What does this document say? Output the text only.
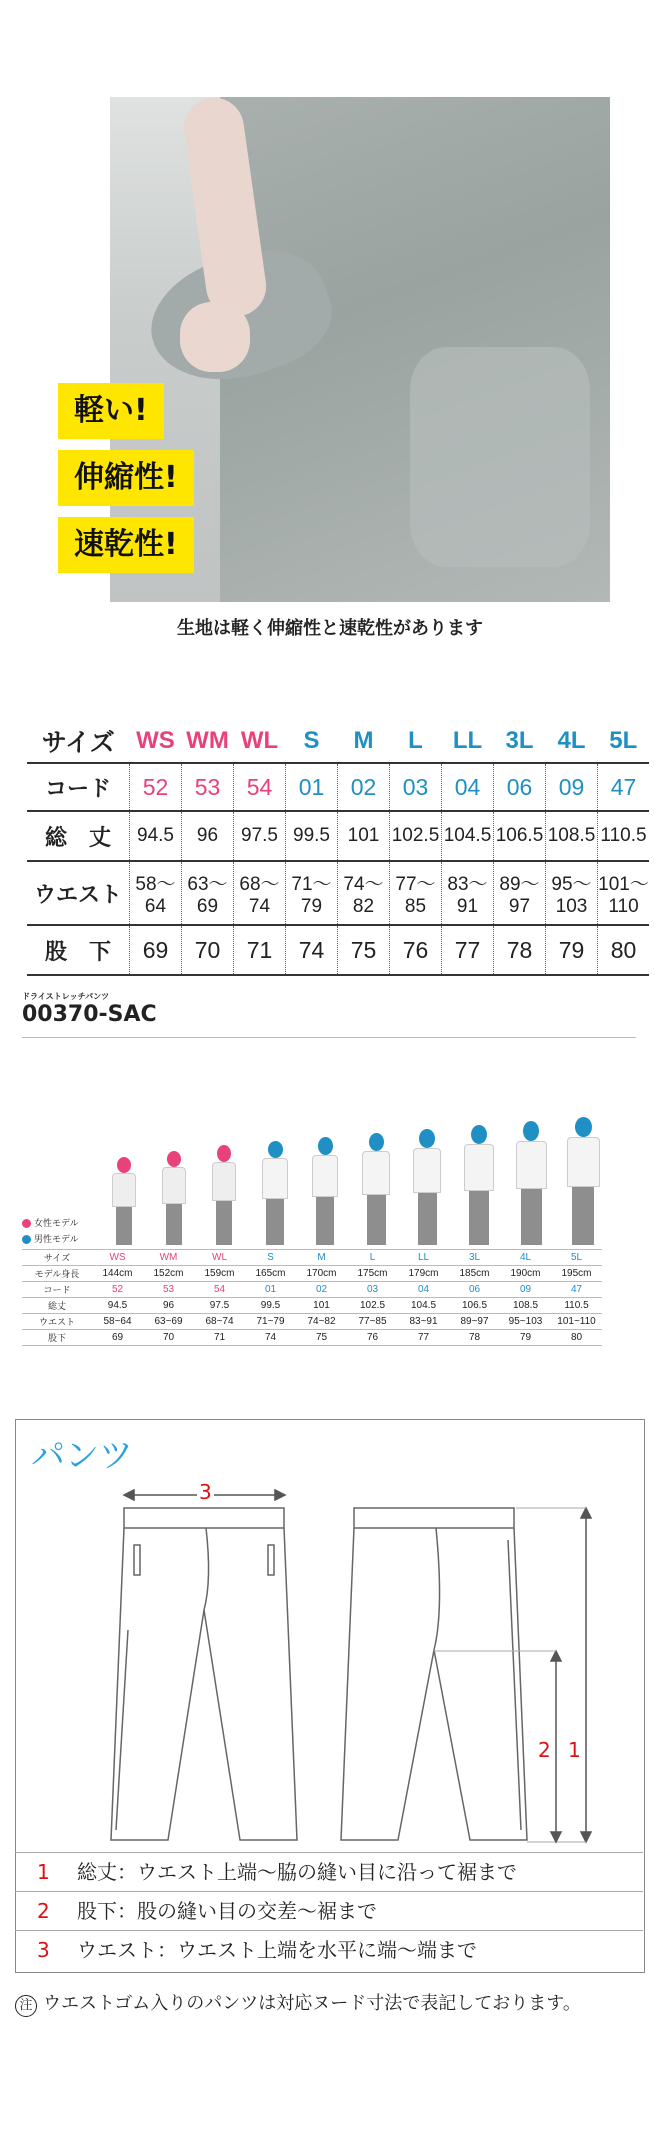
軽い!
伸縮性!
速乾性!
生地は軽く伸縮性と速乾性があります
サイズ	WS	WM	WL	S	M	L	LL	3L	4L	5L
コード	52	53	54	01	02	03	04	06	09	47
総　丈	94.5	96	97.5	99.5	101	102.5	104.5	106.5	108.5	110.5
ウエスト	58～64	63～69	68～74	71～79	74～82	77～85	83～91	89～97	95～103	101～110
股　下	69	70	71	74	75	76	77	78	79	80
ドライストレッチパンツ
00370-SAC
女性モデル
男性モデル
サイズ	WS	WM	WL	S	M	L	LL	3L	4L	5L
モデル身長	144cm	152cm	159cm	165cm	170cm	175cm	179cm	185cm	190cm	195cm
コード	52	53	54	01	02	03	04	06	09	47
総丈	94.5	96	97.5	99.5	101	102.5	104.5	106.5	108.5	110.5
ウエスト	58~64	63~69	68~74	71~79	74~82	77~85	83~91	89~97	95~103	101~110
股下	69	70	71	74	75	76	77	78	79	80
パンツ
3
2 1
1 総丈：ウエスト上端～脇の縫い目に沿って裾まで
2 股下：股の縫い目の交差～裾まで
3 ウエスト：ウエスト上端を水平に端～端まで
注 ウエストゴム入りのパンツは対応ヌード寸法で表記しております。
